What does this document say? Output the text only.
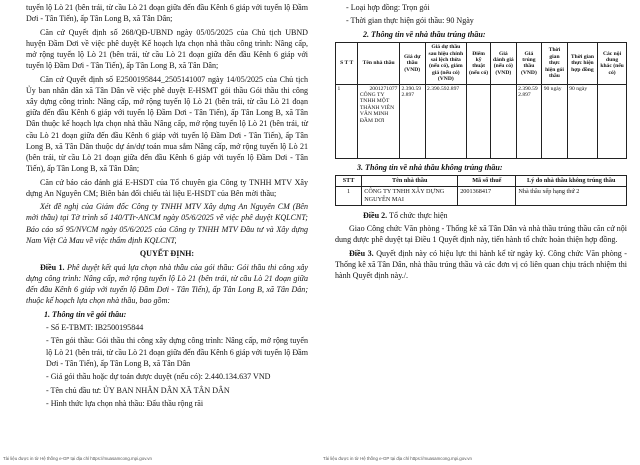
tuyến lộ Lò 21 (bên trái, từ cầu Lò 21 đoạn giữa đến đầu Kênh 6 giáp với tuyến lộ Đầm Dơi - Tân Tiến), ấp Tân Long B, xã Tân Dân;

Căn cứ Quyết định số 268/QĐ-UBND ngày 05/05/2025 của Chủ tịch UBND huyện Đầm Dơi về việc phê duyệt Kế hoạch lựa chọn nhà thầu công trình: Nâng cấp, mở rộng tuyến lộ Lò 21 (bên trái, từ cầu Lò 21 đoạn giữa đến đầu Kênh 6 giáp với tuyến lộ Đầm Dơi - Tân Tiến), ấp Tân Long B, xã Tân Dân;

Căn cứ Quyết định số E2500195844_2505141007 ngày 14/05/2025 của Chủ tịch Ủy ban nhân dân xã Tân Dân về việc phê duyệt E-HSMT gói thầu Gói thầu thi công xây dựng công trình: Nâng cấp, mở rộng tuyến lộ Lò 21 (bên trái, từ cầu Lò 21 đoạn giữa đến đầu Kênh 6 giáp với tuyến lộ Đầm Dơi - Tân Tiến), ấp Tân Long B, xã Tân Dân thuộc kế hoạch lựa chọn nhà thầu Nâng cấp, mở rộng tuyến lộ Lò 21 (bên trái, từ cầu Lò 21 đoạn giữa đến đầu Kênh 6 giáp với tuyến lộ Đầm Dơi - Tân Tiến), ấp Tân Long B, xã Tân Dân thuộc dự án/dự toán mua sắm Nâng cấp, mở rộng tuyến lộ Lò 21 (bên trái, từ cầu Lò 21 đoạn giữa đến đầu Kênh 6 giáp với tuyến lộ Đầm Dơi - Tân Tiến), ấp Tân Long B, xã Tân Dân;

Căn cứ báo cáo đánh giá E-HSDT của Tổ chuyên gia Công ty TNHH MTV Xây dựng An Nguyên CM; Biên bản đối chiếu tài liệu E-HSDT của Bên mời thầu;

Xét đề nghị của Giám đốc Công ty TNHH MTV Xây dựng An Nguyên CM (Bên mời thầu) tại Tờ trình số 140/TTr-ANCM ngày 05/6/2025 về việc phê duyệt KQLCNT; Báo cáo số 95/NVCM ngày 05/6/2025 của Công ty TNHH MTV Đầu tư và Xây dựng Nam Việt Cà Mau về việc thẩm định KQLCNT,

QUYẾT ĐỊNH:

Điều 1. Phê duyệt kết quả lựa chọn nhà thầu của gói thầu: Gói thầu thi công xây dựng công trình: Nâng cấp, mở rộng tuyến lộ Lò 21 (bên trái, từ cầu Lò 21 đoạn giữa đến đầu Kênh 6 giáp với tuyến lộ Đầm Dơi - Tân Tiến), ấp Tân Long B, xã Tân Dân; thuộc kế hoạch lựa chọn nhà thầu, bao gồm:

1. Thông tin về gói thầu:

- Số E-TBMT: IB2500195844

- Tên gói thầu: Gói thầu thi công xây dựng công trình: Nâng cấp, mở rộng tuyến lộ Lò 21 (bên trái, từ cầu Lò 21 đoạn giữa đến đầu Kênh 6 giáp với tuyến lộ Đầm Dơi - Tân Tiến), ấp Tân Long B, xã Tân Dân

- Giá gói thầu hoặc dự toán được duyệt (nếu có): 2.440.134.637 VND

- Tên chủ đầu tư: ỦY BAN NHÂN DÂN XÃ TÂN DÂN

- Hình thức lựa chọn nhà thầu: Đấu thầu rộng rãi

Tài liệu được in từ Hệ thống e-GP tại địa chỉ https://muasamcong.mpi.gov.vn

- Loại hợp đồng: Trọn gói

- Thời gian thực hiện gói thầu: 90 Ngày

2. Thông tin về nhà thầu trúng thầu:

S T T	Tên nhà thầu	Giá dự thầu (VND)	Giá dự thầu sau hiệu chỉnh sai lệch thừa (nếu có), giảm giá (nếu có) (VND)	Điểm kỹ thuật (nếu có)	Giá đánh giá (nếu có) (VND)	Giá trúng thầu (VND)	Thời gian thực hiện gói thầu	Thời gian thực hiện hợp đồng	Các nội dung khác (nếu có)
1	2001271077
CÔNG TY TNHH MỘT THÀNH VIÊN VÂN MINH ĐẦM DƠI	2.390.592.897	2.390.592.897			2.390.592.897	90 ngày	90 ngày	

3. Thông tin về nhà thầu không trúng thầu:

STT	Tên nhà thầu	Mã số thuế	Lý do nhà thầu không trúng thầu
1	CÔNG TY TNHH XÂY DỰNG NGUYÊN MAI	2001368417	Nhà thầu xếp hạng thứ 2

Điều 2. Tổ chức thực hiện

Giao Công chức Văn phòng - Thống kê xã Tân Dân và nhà thầu trúng thầu căn cứ nội dung được phê duyệt tại Điều 1 Quyết định này, tiến hành tổ chức hoàn thiện hợp đồng.

Điều 3. Quyết định này có hiệu lực thi hành kể từ ngày ký. Công chức Văn phòng - Thống kê xã Tân Dân, nhà thầu trúng thầu và các đơn vị có liên quan chịu trách nhiệm thi hành Quyết định này./.

Tài liệu được in từ Hệ thống e-GP tại địa chỉ https://muasamcong.mpi.gov.vn
